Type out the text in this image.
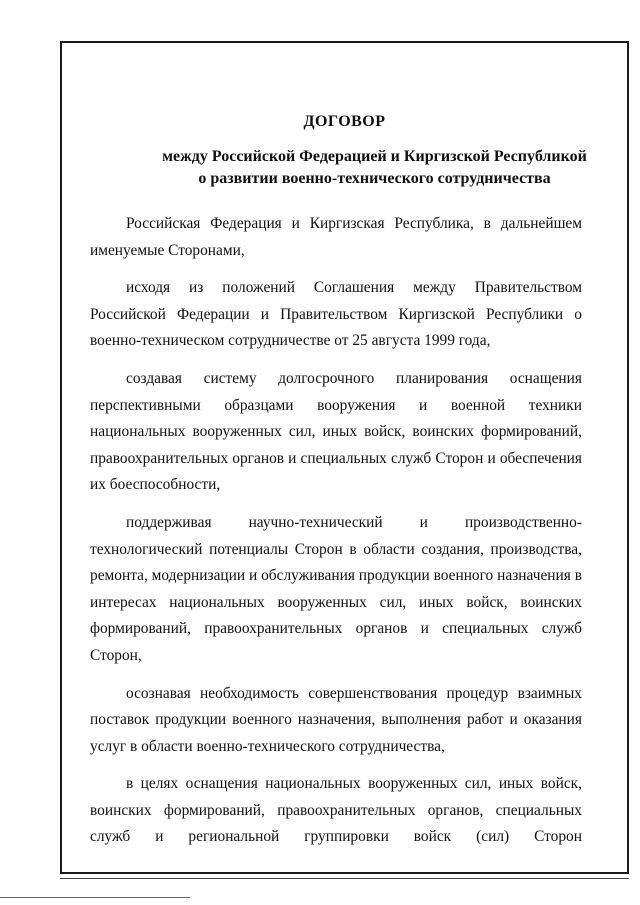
ДОГОВОР
между Российской Федерацией и Киргизской Республикой
о развитии военно-технического сотрудничества

Российская Федерация и Киргизская Республика, в дальнейшем именуемые Сторонами,

исходя из положений Соглашения между Правительством Российской Федерации и Правительством Киргизской Республики о военно-техническом сотрудничестве от 25 августа 1999 года,

создавая систему долгосрочного планирования оснащения перспективными образцами вооружения и военной техники национальных вооруженных сил, иных войск, воинских формирований, правоохранительных органов и специальных служб Сторон и обеспечения их боеспособности,

поддерживая научно-технический и производственно-технологический потенциалы Сторон в области создания, производства, ремонта, модернизации и обслуживания продукции военного назначения в интересах национальных вооруженных сил, иных войск, воинских формирований, правоохранительных органов и специальных служб Сторон,

осознавая необходимость совершенствования процедур взаимных поставок продукции военного назначения, выполнения работ и оказания услуг в области военно-технического сотрудничества,

в целях оснащения национальных вооруженных сил, иных войск, воинских формирований, правоохранительных органов, специальных служб и региональной группировки войск (сил) Сторон
